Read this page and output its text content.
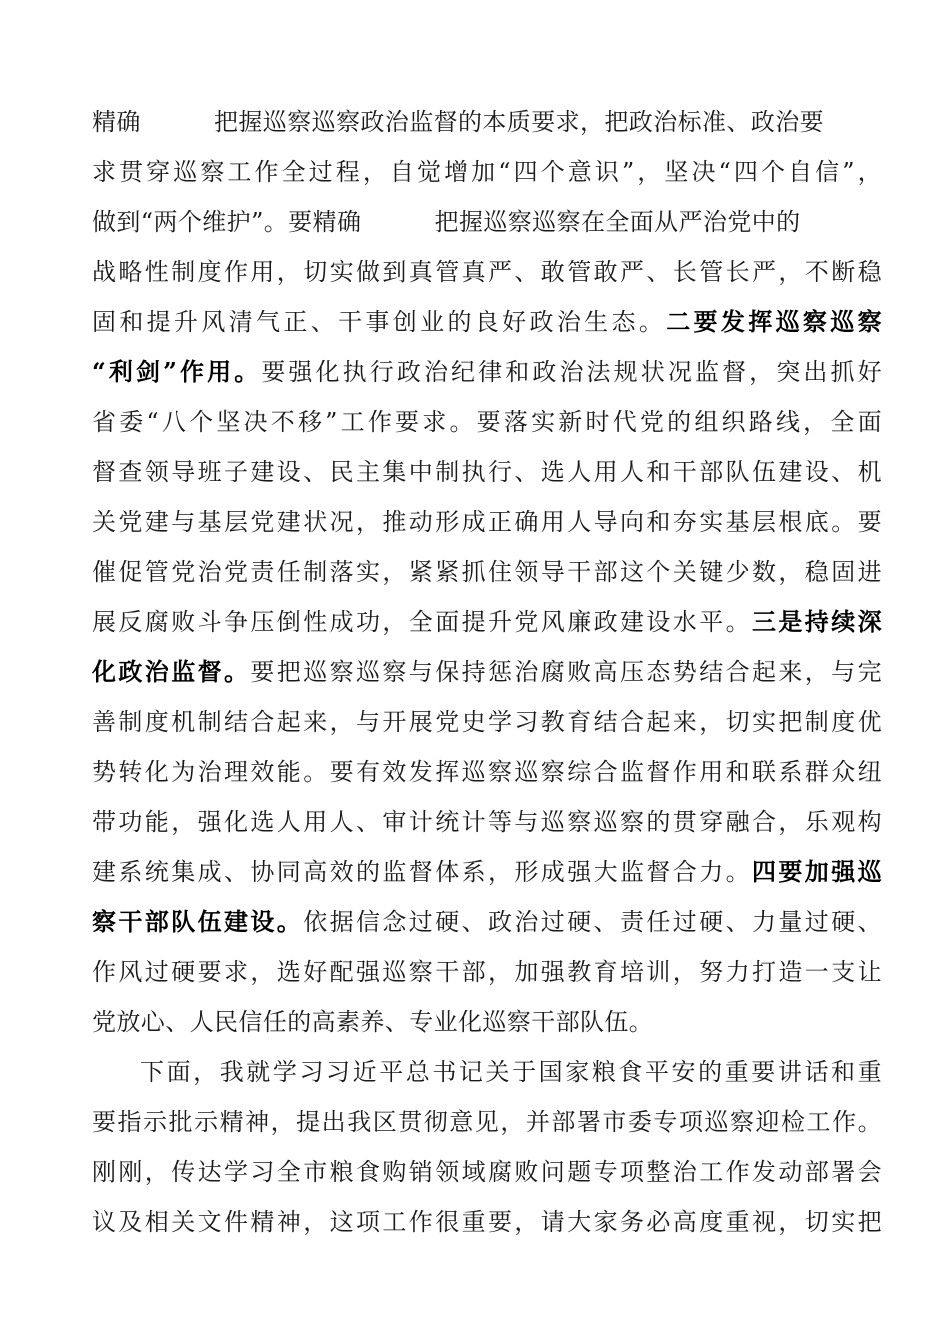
精确　　　把握巡察巡察政治监督的本质要求，把政治标准、政治要
求贯穿巡察工作全过程，自觉增加“四个意识”，坚决“四个自信”，
做到“两个维护”。要精确　　　把握巡察巡察在全面从严治党中的
战略性制度作用，切实做到真管真严、敢管敢严、长管长严，不断稳
固和提升风清气正、干事创业的良好政治生态。二要发挥巡察巡察
“利剑”作用。要强化执行政治纪律和政治法规状况监督，突出抓好
省委“八个坚决不移”工作要求。要落实新时代党的组织路线，全面
督查领导班子建设、民主集中制执行、选人用人和干部队伍建设、机
关党建与基层党建状况，推动形成正确用人导向和夯实基层根底。要
催促管党治党责任制落实，紧紧抓住领导干部这个关键少数，稳固进
展反腐败斗争压倒性成功，全面提升党风廉政建设水平。三是持续深
化政治监督。要把巡察巡察与保持惩治腐败高压态势结合起来，与完
善制度机制结合起来，与开展党史学习教育结合起来，切实把制度优
势转化为治理效能。要有效发挥巡察巡察综合监督作用和联系群众纽
带功能，强化选人用人、审计统计等与巡察巡察的贯穿融合，乐观构
建系统集成、协同高效的监督体系，形成强大监督合力。四要加强巡
察干部队伍建设。依据信念过硬、政治过硬、责任过硬、力量过硬、
作风过硬要求，选好配强巡察干部，加强教育培训，努力打造一支让
党放心、人民信任的高素养、专业化巡察干部队伍。
下面，我就学习习近平总书记关于国家粮食平安的重要讲话和重
要指示批示精神，提出我区贯彻意见，并部署市委专项巡察迎检工作。
刚刚，传达学习全市粮食购销领域腐败问题专项整治工作发动部署会
议及相关文件精神，这项工作很重要，请大家务必高度重视，切实把
